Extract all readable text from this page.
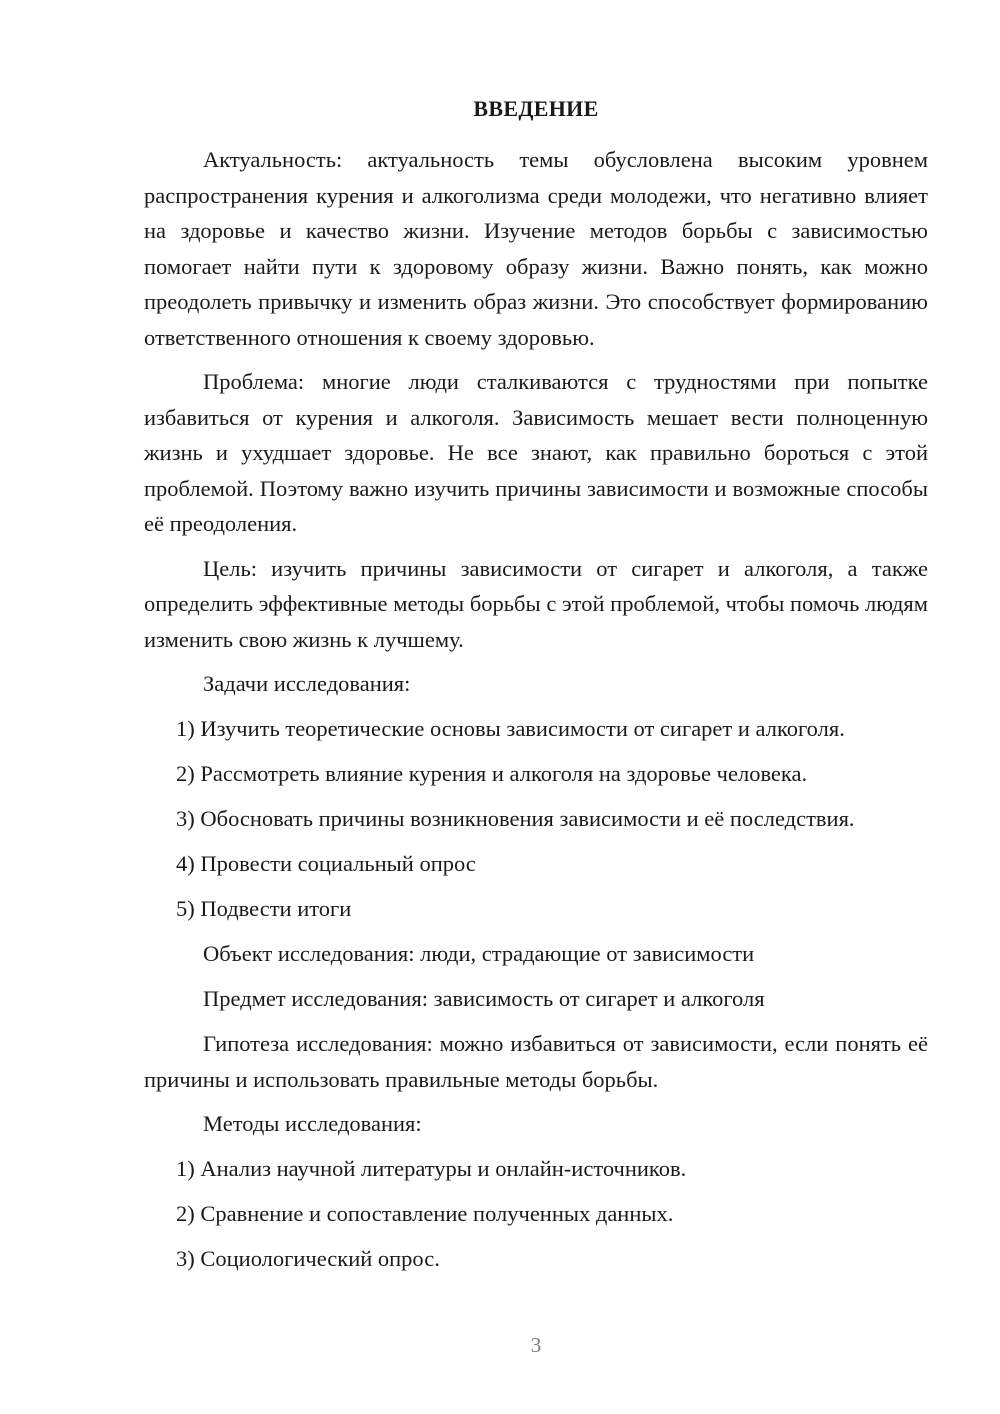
ВВЕДЕНИЕ

Актуальность: актуальность темы обусловлена высоким уровнем распространения курения и алкоголизма среди молодежи, что негативно влияет на здоровье и качество жизни. Изучение методов борьбы с зависимостью помогает найти пути к здоровому образу жизни. Важно понять, как можно преодолеть привычку и изменить образ жизни. Это способствует формированию ответственного отношения к своему здоровью.

Проблема: многие люди сталкиваются с трудностями при попытке избавиться от курения и алкоголя. Зависимость мешает вести полноценную жизнь и ухудшает здоровье. Не все знают, как правильно бороться с этой проблемой. Поэтому важно изучить причины зависимости и возможные способы её преодоления.

Цель: изучить причины зависимости от сигарет и алкоголя, а также определить эффективные методы борьбы с этой проблемой, чтобы помочь людям изменить свою жизнь к лучшему.

Задачи исследования:

1) Изучить теоретические основы зависимости от сигарет и алкоголя.

2) Рассмотреть влияние курения и алкоголя на здоровье человека.

3) Обосновать причины возникновения зависимости и её последствия.

4) Провести социальный опрос

5) Подвести итоги

Объект исследования: люди, страдающие от зависимости

Предмет исследования: зависимость от сигарет и алкоголя

Гипотеза исследования: можно избавиться от зависимости, если понять её причины и использовать правильные методы борьбы.

Методы исследования:

1) Анализ научной литературы и онлайн-источников.

2) Сравнение и сопоставление полученных данных.

3) Социологический опрос.

3
